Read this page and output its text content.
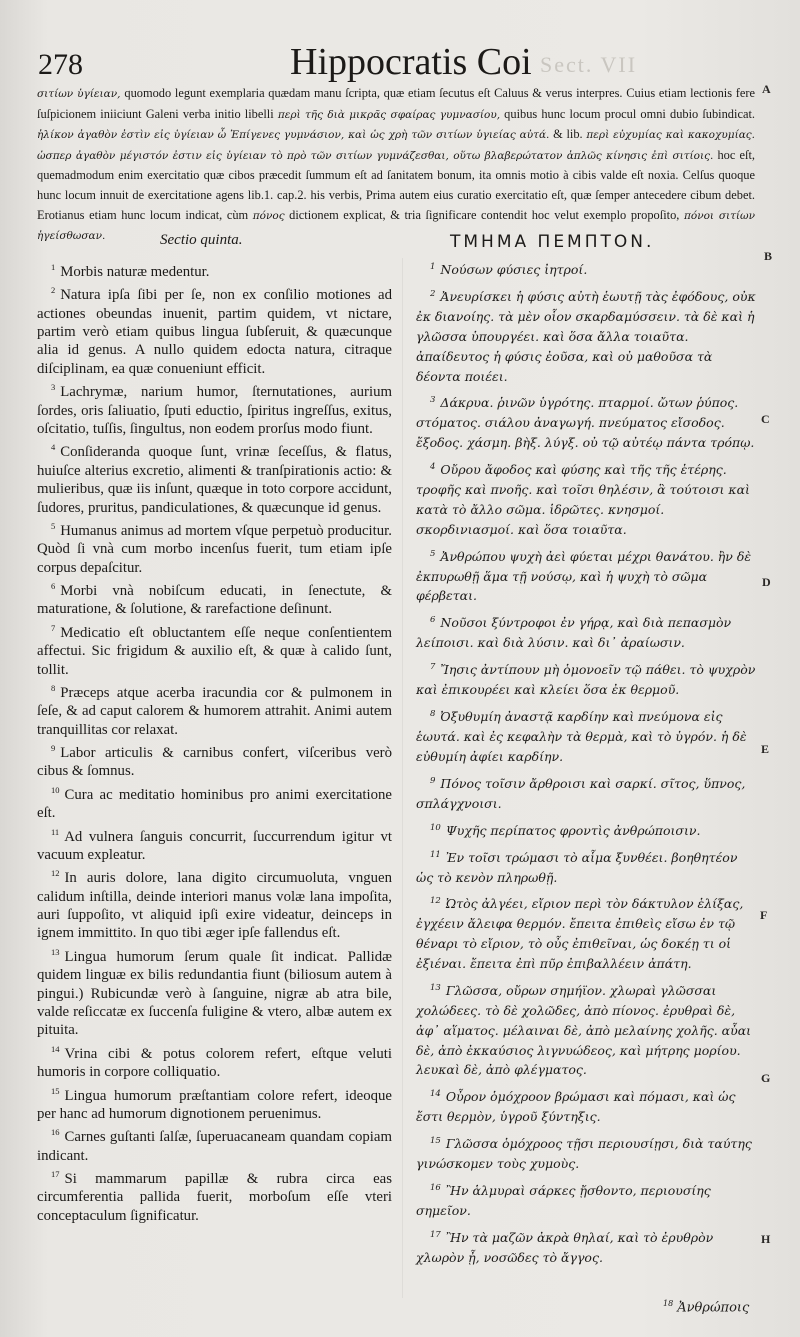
278	Hippocratis Coi Sect. VII

σιτίων ὑγίειαν, quomodo legunt exemplaria quædam manu ſcripta, quæ etiam ſecutus eſt Caluus & verus interpres. Cuius etiam lectionis fere ſuſpicionem iniiciunt Galeni verba initio libelli περὶ τῆς διὰ μικρᾶς σφαίρας γυμνασίου, quibus hunc locum procul omni dubio ſubindicat. ἡλίκον ἀγαθὸν ἐστὶν εἰς ὑγίειαν ὦ Ἐπίγενες γυμνάσιον, καὶ ὡς χρὴ τῶν σιτίων ὑγιείας αὐτά. & lib. περὶ εὐχυμίας καὶ κακοχυμίας. ὡσπερ ἀγαθὸν μέγιστόν ἐστιν εἰς ὑγίειαν τὸ πρὸ τῶν σιτίων γυμνάζεσθαι, οὕτω βλαβερώτατον ἁπλῶς κίνησις ἐπὶ σιτίοις. hoc eſt, quemadmodum enim exercitatio quæ cibos præcedit ſummum eſt ad ſanitatem bonum, ita omnis motio à cibis valde eſt noxia. Celſus quoque hunc locum innuit de exercitatione agens lib.1. cap.2. his verbis, Prima autem eius curatio exercitatio eſt, quæ ſemper antecedere cibum debet. Erotianus etiam hunc locum indicat, cùm πόνος dictionem explicat, & tria ſignificare contendit hoc velut exemplo propoſito, πόνοι σιτίων ἡγείσθωσαν.

A
B
C
D
E
F
G
H
Sectio quinta.	ΤΜΗΜΑ ΠΕΜΠΤΟΝ.

$^1$ Morbis naturæ medentur.

$^2$ Natura ipſa ſibi per ſe, non ex conſilio motiones ad actiones obeundas inuenit, partim quidem, vt nictare, partim verò etiam quibus lingua ſubſeruit, & quæcunque alia id genus. A nullo quidem edocta natura, citraque diſciplinam, ea quæ conueniunt efficit.

$^3$ Lachrymæ, narium humor, ſternutationes, aurium ſordes, oris ſaliuatio, ſputi eductio, ſpiritus ingreſſus, exitus, oſcitatio, tuſſis, ſingultus, non eodem prorſus modo fiunt.

$^4$ Conſideranda quoque ſunt, vrinæ ſeceſſus, & flatus, huiuſce alterius excretio, alimenti & tranſpirationis actio: & mulieribus, quæ iis inſunt, quæque in toto corpore accidunt, ſudores, pruritus, pandiculationes, & quæcunque id genus.

$^5$ Humanus animus ad mortem vſque perpetuò producitur. Quòd ſi vnà cum morbo incenſus fuerit, tum etiam ipſe corpus depaſcitur.

$^6$ Morbi vnà nobiſcum educati, in ſenectute, & maturatione, & ſolutione, & rarefactione deſinunt.

$^7$ Medicatio eſt obluctantem eſſe neque conſentientem affectui. Sic frigidum & auxilio eſt, & quæ à calido ſunt, tollit.

$^8$ Præceps atque acerba iracundia cor & pulmonem in ſeſe, & ad caput calorem & humorem attrahit. Animi autem tranquillitas cor relaxat.

$^9$ Labor articulis & carnibus confert, viſceribus verò cibus & ſomnus.

$^{10}$ Cura ac meditatio hominibus pro animi exercitatione eſt.

$^{11}$ Ad vulnera ſanguis concurrit, ſuccurrendum igitur vt vacuum expleatur.

$^{12}$ In auris dolore, lana digito circumuoluta, vnguen calidum inſtilla, deinde interiori manus volæ lana impoſita, auri ſuppoſito, vt aliquid ipſi exire videatur, deinceps in ignem immittito. In quo tibi æger ipſe fallendus eſt.

$^{13}$ Lingua humorum ſerum quale ſit indicat. Pallidæ quidem linguæ ex bilis redundantia fiunt (biliosum autem à pingui.) Rubicundæ verò à ſanguine, nigræ ab atra bile, valde reſiccatæ ex ſuccenſa fuligine & vtero, albæ autem ex pituita.

$^{14}$ Vrina cibi & potus colorem refert, eſtque veluti humoris in corpore colliquatio.

$^{15}$ Lingua humorum præſtantiam colore refert, ideoque per hanc ad humorum dignotionem peruenimus.

$^{16}$ Carnes guſtanti ſalſæ, ſuperuacaneam quandam copiam indicant.

$^{17}$ Si mammarum papillæ & rubra circa eas circumferentia pallida fuerit, morboſum eſſe vteri conceptaculum ſignificatur.

$^1$ Νούσων φύσιες ἰητροί.

$^2$ Ἀνευρίσκει ἡ φύσις αὐτὴ ἑωυτῇ τὰς ἐφόδους, οὐκ ἐκ διανοίης. τὰ μὲν οἷον σκαρδαμύσσειν. τὰ δὲ καὶ ἡ γλῶσσα ὑπουργέει. καὶ ὅσα ἄλλα τοιαῦτα. ἀπαίδευτος ἡ φύσις ἐοῦσα, καὶ οὐ μαθοῦσα τὰ δέοντα ποιέει.

$^3$ Δάκρυα. ῥινῶν ὑγρότης. πταρμοί. ὤτων ῥύπος. στόματος. σιάλου ἀναγωγή. πνεύματος εἴσοδος. ἔξοδος. χάσμη. βὴξ. λύγξ. οὐ τῷ αὐτέῳ πάντα τρόπῳ.

$^4$ Οὔρου ἄφοδος καὶ φύσης καὶ τῆς τῆς ἑτέρης. τροφῆς καὶ πνοῆς. καὶ τοῖσι θηλέσιν, ἃ τούτοισι καὶ κατὰ τὸ ἄλλο σῶμα. ἱδρῶτες. κνησμοί. σκορδινιασμοί. καὶ ὅσα τοιαῦτα.

$^5$ Ἀνθρώπου ψυχὴ ἀεὶ φύεται μέχρι θανάτου. ἢν δὲ ἐκπυρωθῇ ἅμα τῇ νούσῳ, καὶ ἡ ψυχὴ τὸ σῶμα φέρβεται.

$^6$ Νοῦσοι ξύντροφοι ἐν γήρᾳ, καὶ διὰ πεπασμὸν λείποισι. καὶ διὰ λύσιν. καὶ δι᾽ ἀραίωσιν.

$^7$ Ἴησις ἀντίπουν μὴ ὁμονοεῖν τῷ πάθει. τὸ ψυχρὸν καὶ ἐπικουρέει καὶ κλείει ὅσα ἐκ θερμοῦ.

$^8$ Ὀξυθυμίη ἀναστᾷ καρδίην καὶ πνεύμονα εἰς ἑωυτά. καὶ ἐς κεφαλὴν τὰ θερμὰ, καὶ τὸ ὑγρόν. ἡ δὲ εὐθυμίη ἀφίει καρδίην.

$^9$ Πόνος τοῖσιν ἄρθροισι καὶ σαρκί. σῖτος, ὕπνος, σπλάγχνοισι.

$^{10}$ Ψυχῆς περίπατος φροντὶς ἀνθρώποισιν.

$^{11}$ Ἐν τοῖσι τρώμασι τὸ αἷμα ξυνθέει. βοηθητέον ὡς τὸ κενὸν πληρωθῇ.

$^{12}$ Ὠτὸς ἀλγέει, εἴριον περὶ τὸν δάκτυλον ἑλίξας, ἐγχέειν ἄλειφα θερμόν. ἔπειτα ἐπιθεὶς εἴσω ἐν τῷ θέναρι τὸ εἴριον, τὸ οὖς ἐπιθεῖναι, ὡς δοκέῃ τι οἱ ἐξιέναι. ἔπειτα ἐπὶ πῦρ ἐπιβαλλέειν ἀπάτη.

$^{13}$ Γλῶσσα, οὔρων σημήϊον. χλωραὶ γλῶσσαι χολώδεες. τὸ δὲ χολῶδες, ἀπὸ πίονος. ἐρυθραὶ δὲ, ἀφ᾽ αἵματος. μέλαιναι δὲ, ἀπὸ μελαίνης χολῆς. αὖαι δὲ, ἀπὸ ἐκκαύσιος λιγνυώδεος, καὶ μήτρης μορίου. λευκαὶ δὲ, ἀπὸ φλέγματος.

$^{14}$ Οὖρον ὁμόχροον βρώμασι καὶ πόμασι, καὶ ὡς ἔστι θερμὸν, ὑγροῦ ξύντηξις.

$^{15}$ Γλῶσσα ὁμόχροος τῇσι περιουσίῃσι, διὰ ταύτης γινώσκομεν τοὺς χυμοὺς.

$^{16}$ Ἢν ἁλμυραὶ σάρκες ᾔσθοντο, περιουσίης σημεῖον.

$^{17}$ Ἢν τὰ μαζῶν ἀκρὰ θηλαί, καὶ τὸ ἐρυθρὸν χλωρὸν ᾖ, νοσῶδες τὸ ἄγγος.

$^{18}$ Ἀνθρώποις
